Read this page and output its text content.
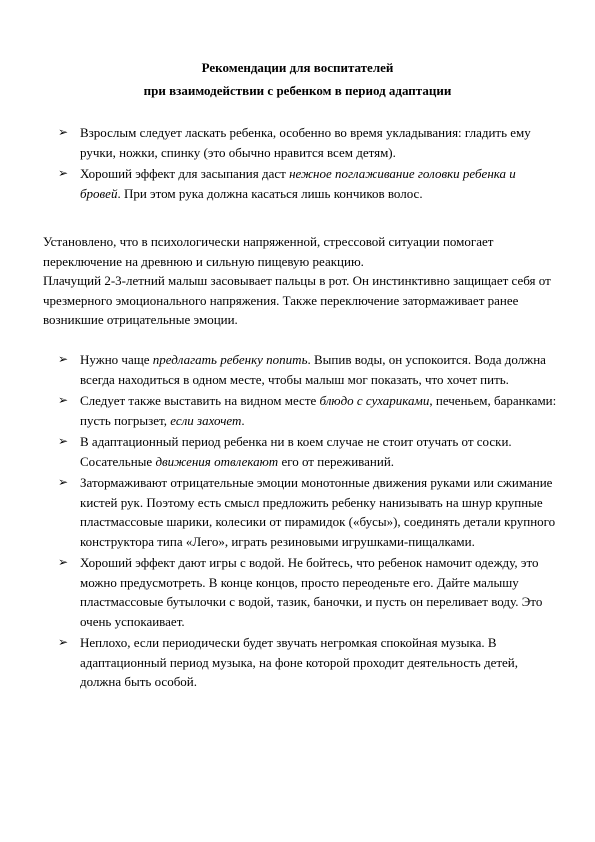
Рекомендации для воспитателей
при взаимодействии с ребенком в период адаптации
➢ Взрослым следует ласкать ребенка, особенно во время укладывания: гладить ему ручки, ножки, спинку (это обычно нравится всем детям).
➢ Хороший эффект для засыпания даст нежное поглаживание головки ребенка и бровей. При этом рука должна касаться лишь кончиков волос.
Установлено, что в психологически напряженной, стрессовой ситуации помогает переключение на древнюю и сильную пищевую реакцию.
Плачущий 2-3-летний малыш засовывает пальцы в рот. Он инстинктивно защищает себя от чрезмерного эмоционального напряжения. Также переключение затормаживает ранее возникшие отрицательные эмоции.
➢ Нужно чаще предлагать ребенку попить. Выпив воды, он успокоится. Вода должна всегда находиться в одном месте, чтобы малыш мог показать, что хочет пить.
➢ Следует также выставить на видном месте блюдо с сухариками, печеньем, баранками: пусть погрызет, если захочет.
➢ В адаптационный период ребенка ни в коем случае не стоит отучать от соски. Сосательные движения отвлекают его от переживаний.
➢ Затормаживают отрицательные эмоции монотонные движения руками или сжимание кистей рук. Поэтому есть смысл предложить ребенку нанизывать на шнур крупные пластмассовые шарики, колесики от пирамидок («бусы»), соединять детали крупного конструктора типа «Лего», играть резиновыми игрушками-пищалками.
➢ Хороший эффект дают игры с водой. Не бойтесь, что ребенок намочит одежду, это можно предусмотреть. В конце концов, просто переоденьте его. Дайте малышу пластмассовые бутылочки с водой, тазик, баночки, и пусть он переливает воду. Это очень успокаивает.
➢ Неплохо, если периодически будет звучать негромкая спокойная музыка. В адаптационный период музыка, на фоне которой проходит деятельность детей, должна быть особой.
